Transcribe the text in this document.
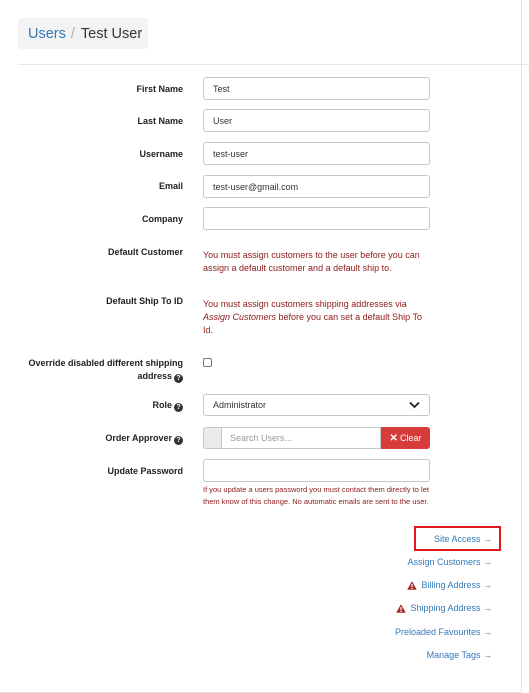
Users / Test User
First Name	Test
Last Name	User
Username	test-user
Email	test-user@gmail.com
Company
Default Customer You must assign customers to the user before you can assign a default customer and a default ship to.
Default Ship To ID You must assign customers shipping addresses via Assign Customers before you can set a default Ship To Id.
Override disabled different shipping
address ?
Role ?	Administrator
Order Approver ?	Search Users...	✕ Clear
Update Password
If you update a users password you must contact them directly to let them know of this change. No automatic emails are sent to the user.
Site Access →
Assign Customers →
Billing Address →
Shipping Address →
Preloaded Favourites →
Manage Tags →
